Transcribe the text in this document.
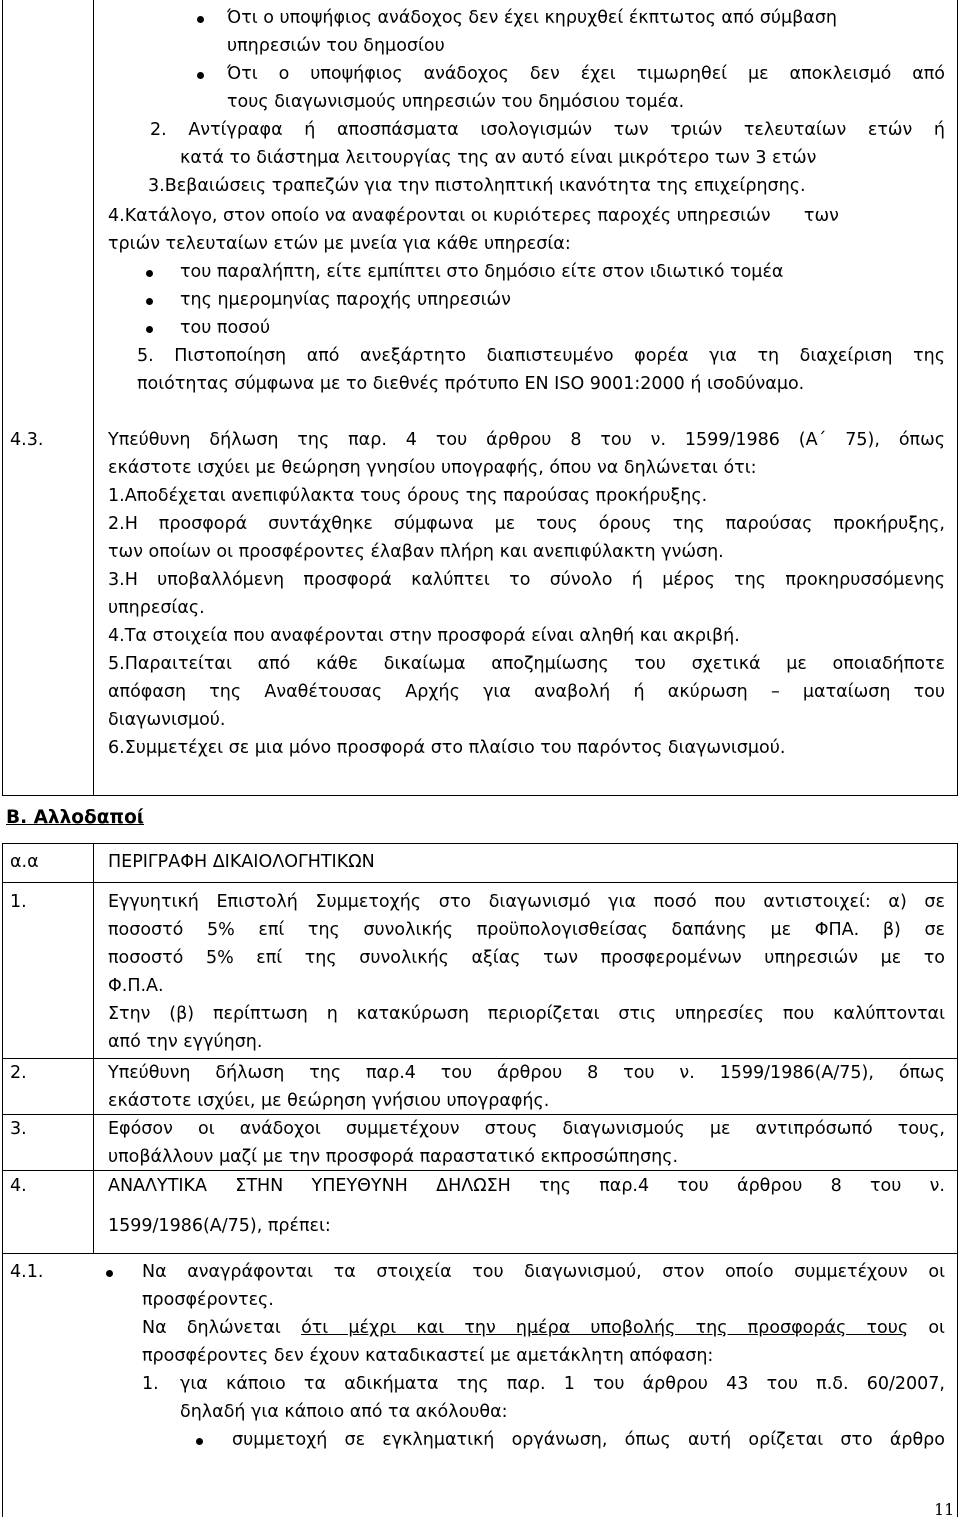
Ότι ο υποψήφιος ανάδοχος δεν έχει κηρυχθεί έκπτωτος από σύμβαση
υπηρεσιών του δημοσίου
Ότι ο υποψήφιος ανάδοχος δεν έχει τιμωρηθεί με αποκλεισμό από
τους διαγωνισμούς υπηρεσιών του δημόσιου τομέα.
2. Αντίγραφα ή αποσπάσματα ισολογισμών των τριών τελευταίων ετών ή
κατά το διάστημα λειτουργίας της αν αυτό είναι μικρότερο των 3 ετών
3.Βεβαιώσεις τραπεζών για την πιστοληπτική ικανότητα της επιχείρησης.
4.Κατάλογο, στον οποίο να αναφέρονται οι κυριότερες παροχές υπηρεσιών      των
τριών τελευταίων ετών με μνεία για κάθε υπηρεσία:
του παραλήπτη, είτε εμπίπτει στο δημόσιο είτε στον ιδιωτικό τομέα
της ημερομηνίας παροχής υπηρεσιών
του ποσού
5. Πιστοποίηση από ανεξάρτητο διαπιστευμένο φορέα για τη διαχείριση της
ποιότητας σύμφωνα με το διεθνές πρότυπο EN ISO 9001:2000 ή ισοδύναμο.
4.3.	Υπεύθυνη δήλωση της παρ. 4 του άρθρου 8 του ν. 1599/1986 (Α΄ 75), όπως
εκάστοτε ισχύει με θεώρηση γνησίου υπογραφής, όπου να δηλώνεται ότι:
1.Αποδέχεται ανεπιφύλακτα τους όρους της παρούσας προκήρυξης.
2.Η προσφορά συντάχθηκε σύμφωνα με τους όρους της παρούσας προκήρυξης,
των οποίων οι προσφέροντες έλαβαν πλήρη και ανεπιφύλακτη γνώση.
3.Η υποβαλλόμενη προσφορά καλύπτει το σύνολο ή μέρος της προκηρυσσόμενης
υπηρεσίας.
4.Τα στοιχεία που αναφέρονται στην προσφορά είναι αληθή και ακριβή.
5.Παραιτείται από κάθε δικαίωμα αποζημίωσης του σχετικά με οποιαδήποτε
απόφαση της Αναθέτουσας Αρχής για αναβολή ή ακύρωση – ματαίωση του
διαγωνισμού.
6.Συμμετέχει σε μια μόνο προσφορά στο πλαίσιο του παρόντος διαγωνισμού.
Β. Αλλοδαποί
α.α	ΠΕΡΙΓΡΑΦΗ ΔΙΚΑΙΟΛΟΓΗΤΙΚΩΝ
1.	Εγγυητική Επιστολή Συμμετοχής στο διαγωνισμό για ποσό που αντιστοιχεί: α) σε
ποσοστό 5% επί της συνολικής προϋπολογισθείσας δαπάνης με ΦΠΑ. β) σε
ποσοστό 5% επί της συνολικής αξίας των προσφερομένων υπηρεσιών με το
Φ.Π.Α.
Στην (β) περίπτωση η κατακύρωση περιορίζεται στις υπηρεσίες που καλύπτονται
από την εγγύηση.
2.	Υπεύθυνη δήλωση της παρ.4 του άρθρου 8 του ν. 1599/1986(Α/75), όπως
εκάστοτε ισχύει, με θεώρηση γνήσιου υπογραφής.
3.	Εφόσον οι ανάδοχοι συμμετέχουν στους διαγωνισμούς με αντιπρόσωπό τους,
υποβάλλουν μαζί με την προσφορά παραστατικό εκπροσώπησης.
4.	ΑΝΑΛΥΤΙΚΑ ΣΤΗΝ ΥΠΕΥΘΥΝΗ ΔΗΛΩΣΗ της παρ.4 του άρθρου 8 του ν.
1599/1986(Α/75), πρέπει:
4.1.	Να αναγράφονται τα στοιχεία του διαγωνισμού, στον οποίο συμμετέχουν οι
προσφέροντες.
Να δηλώνεται ότι μέχρι και την ημέρα υποβολής της προσφοράς τους οι
προσφέροντες δεν έχουν καταδικαστεί με αμετάκλητη απόφαση:
1. για κάποιο τα αδικήματα της παρ. 1 του άρθρου 43 του π.δ. 60/2007,
δηλαδή για κάποιο από τα ακόλουθα:
συμμετοχή σε εγκληματική οργάνωση, όπως αυτή ορίζεται στο άρθρο
11
